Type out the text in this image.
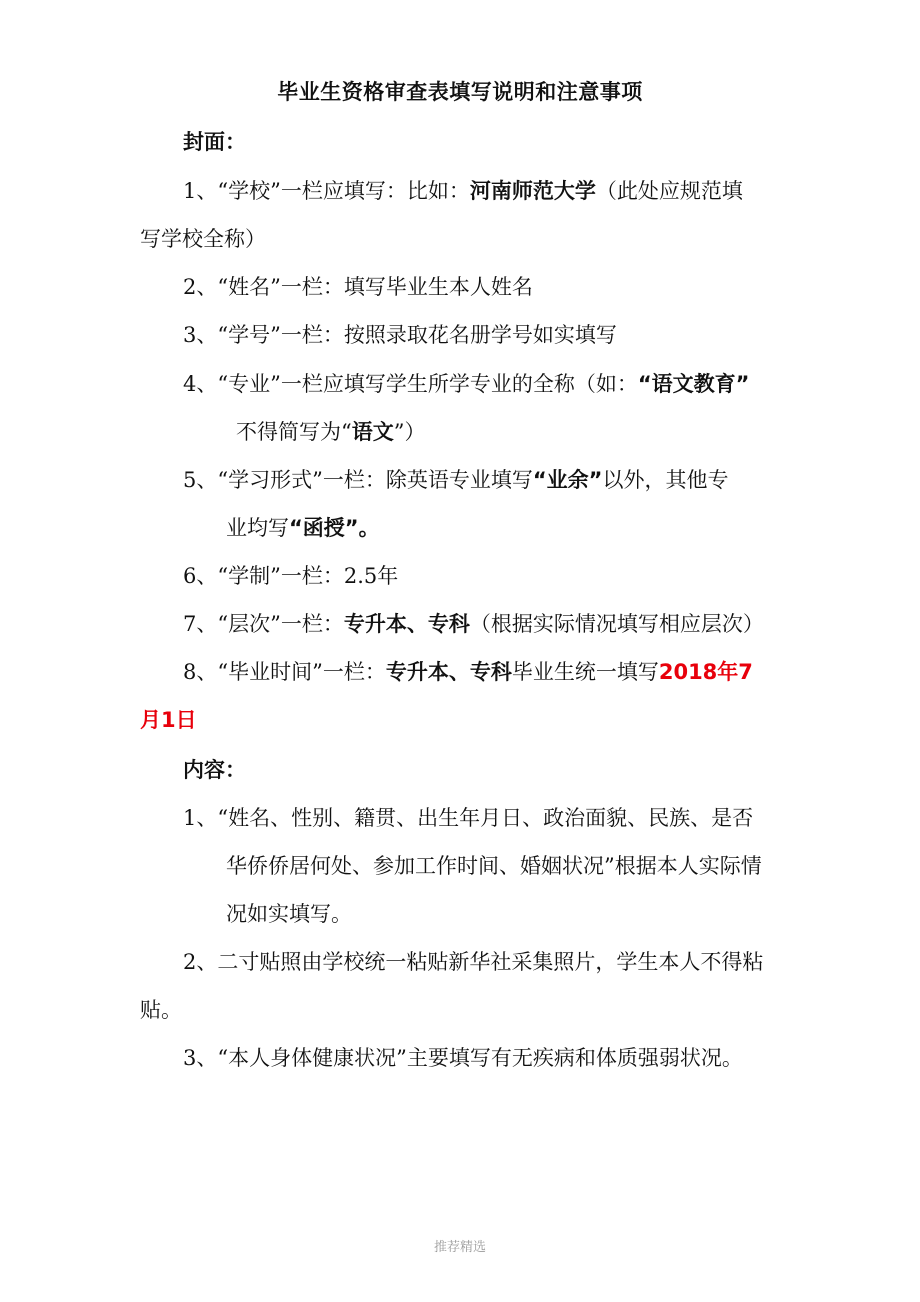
毕业生资格审查表填写说明和注意事项
封面：
1、“学校”一栏应填写：比如：河南师范大学（此处应规范填
写学校全称）
2、“姓名”一栏：填写毕业生本人姓名
3、“学号”一栏：按照录取花名册学号如实填写
4、“专业”一栏应填写学生所学专业的全称（如：“语文教育”
不得简写为“语文”）
5、“学习形式”一栏：除英语专业填写“业余”以外，其他专
业均写“函授”。
6、“学制”一栏：2.5年
7、“层次”一栏：专升本、专科（根据实际情况填写相应层次）
8、“毕业时间”一栏：专升本、专科毕业生统一填写2018年7
月1日
内容：
1、“姓名、性别、籍贯、出生年月日、政治面貌、民族、是否
华侨侨居何处、参加工作时间、婚姻状况”根据本人实际情
况如实填写。
2、二寸贴照由学校统一粘贴新华社采集照片，学生本人不得粘
贴。
3、“本人身体健康状况”主要填写有无疾病和体质强弱状况。
推荐精选
